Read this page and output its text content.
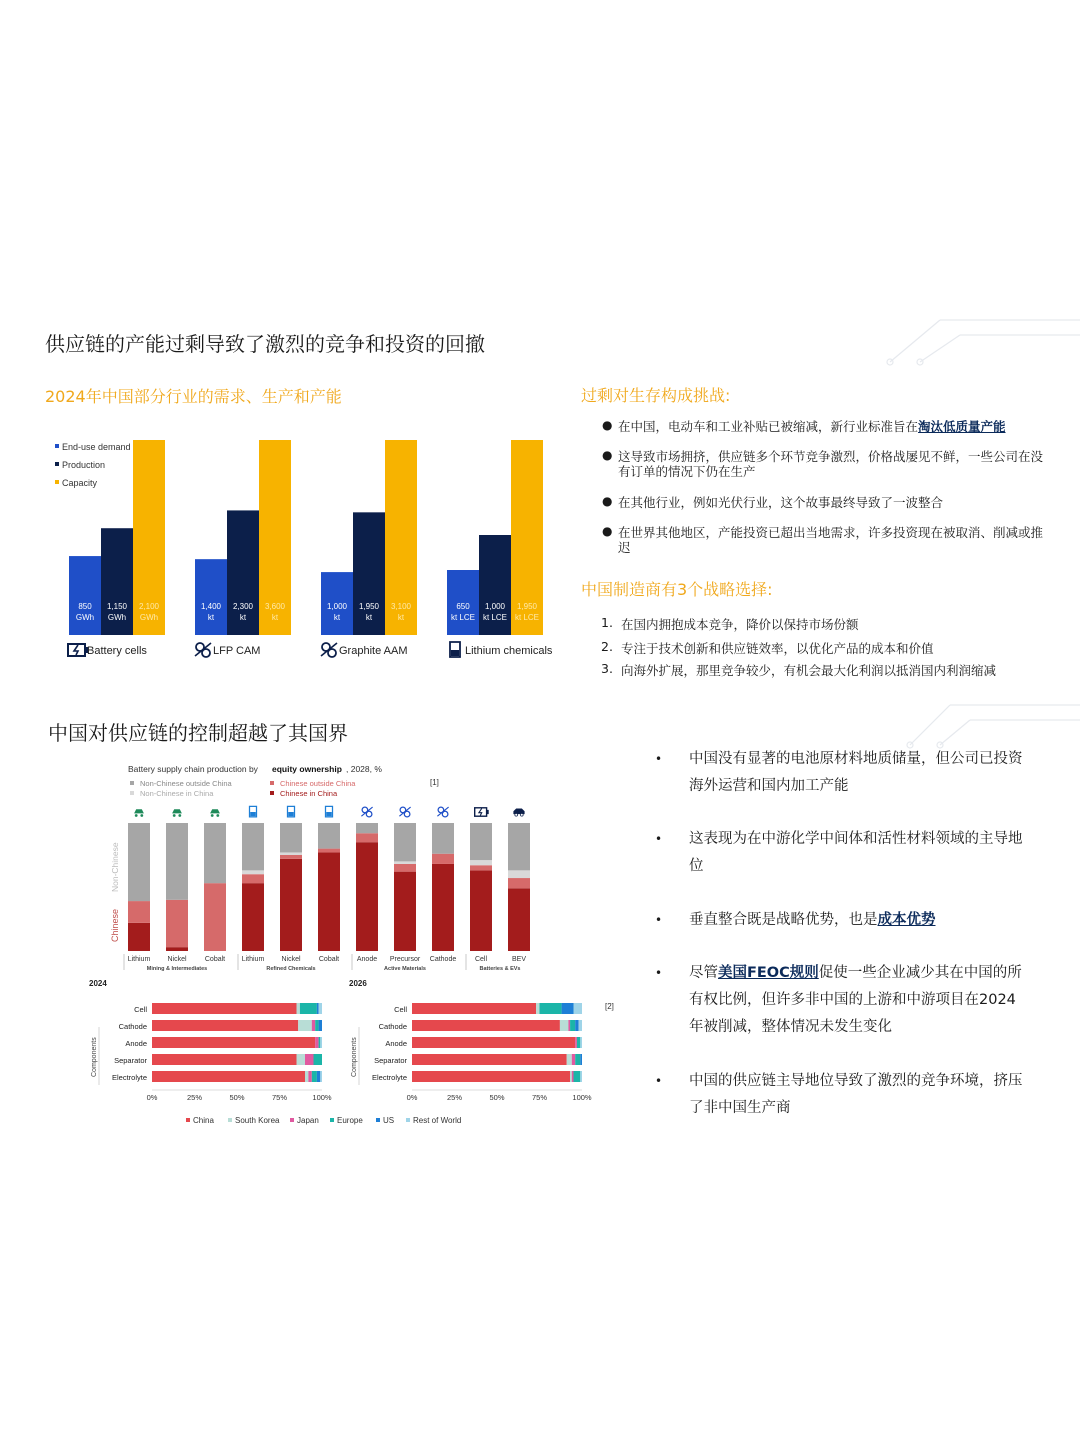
供应链的产能过剩导致了激烈的竞争和投资的回撤
2024年中国部分行业的需求、生产和产能
End-use demand
Production
Capacity
850
GWh
1,150
GWh
2,100
GWh
Battery cells
1,400
kt
2,300
kt
3,600
kt
LFP CAM
1,000
kt
1,950
kt
3,100
kt
Graphite AAM
650
kt LCE
1,000
kt LCE
1,950
kt LCE
Lithium chemicals
过剩对生存构成挑战:
● 在中国，电动车和工业补贴已被缩减，新行业标准旨在淘汰低质量产能
● 这导致市场拥挤，供应链多个环节竞争激烈，价格战屡见不鲜，一些公司在没有订单的情况下仍在生产
● 在其他行业，例如光伏行业，这个故事最终导致了一波整合
● 在世界其他地区，产能投资已超出当地需求，许多投资现在被取消、削减或推迟
中国制造商有3个战略选择:
1. 在国内拥抱成本竞争，降价以保持市场份额
2. 专注于技术创新和供应链效率，以优化产品的成本和价值
3. 向海外扩展，那里竞争较少，有机会最大化利润以抵消国内利润缩减
中国对供应链的控制超越了其国界
Battery supply chain production by equity ownership , 2028, %
Non-Chinese outside China
Non-Chinese in China
Chinese outside China
Chinese in China
[1]
Non-Chinese
Chinese
Lithium Nickel	Cobalt Lithium Nickel	Cobalt	Anode Precursor Cathode	Cell	BEV
Mining & Intermediates	Refined Chemicals	Active Materials	Batteries & EVs
2024
Components
Cell
Cathode
Anode
Separator
Electrolyte
0%	25%	50%	75%	100%
2026
[2]
Components
Cell
Cathode
Anode
Separator
Electrolyte
0%	25%	50%	75%	100%
China	South Korea Japan Europe	US Rest of World
• 中国没有显著的电池原材料地质储量，但公司已投资海外运营和国内加工产能
• 这表现为在中游化学中间体和活性材料领域的主导地位
• 垂直整合既是战略优势，也是成本优势
• 尽管美国FEOC规则促使一些企业减少其在中国的所有权比例，但许多非中国的上游和中游项目在2024年被削减，整体情况未发生变化
• 中国的供应链主导地位导致了激烈的竞争环境，挤压了非中国生产商
